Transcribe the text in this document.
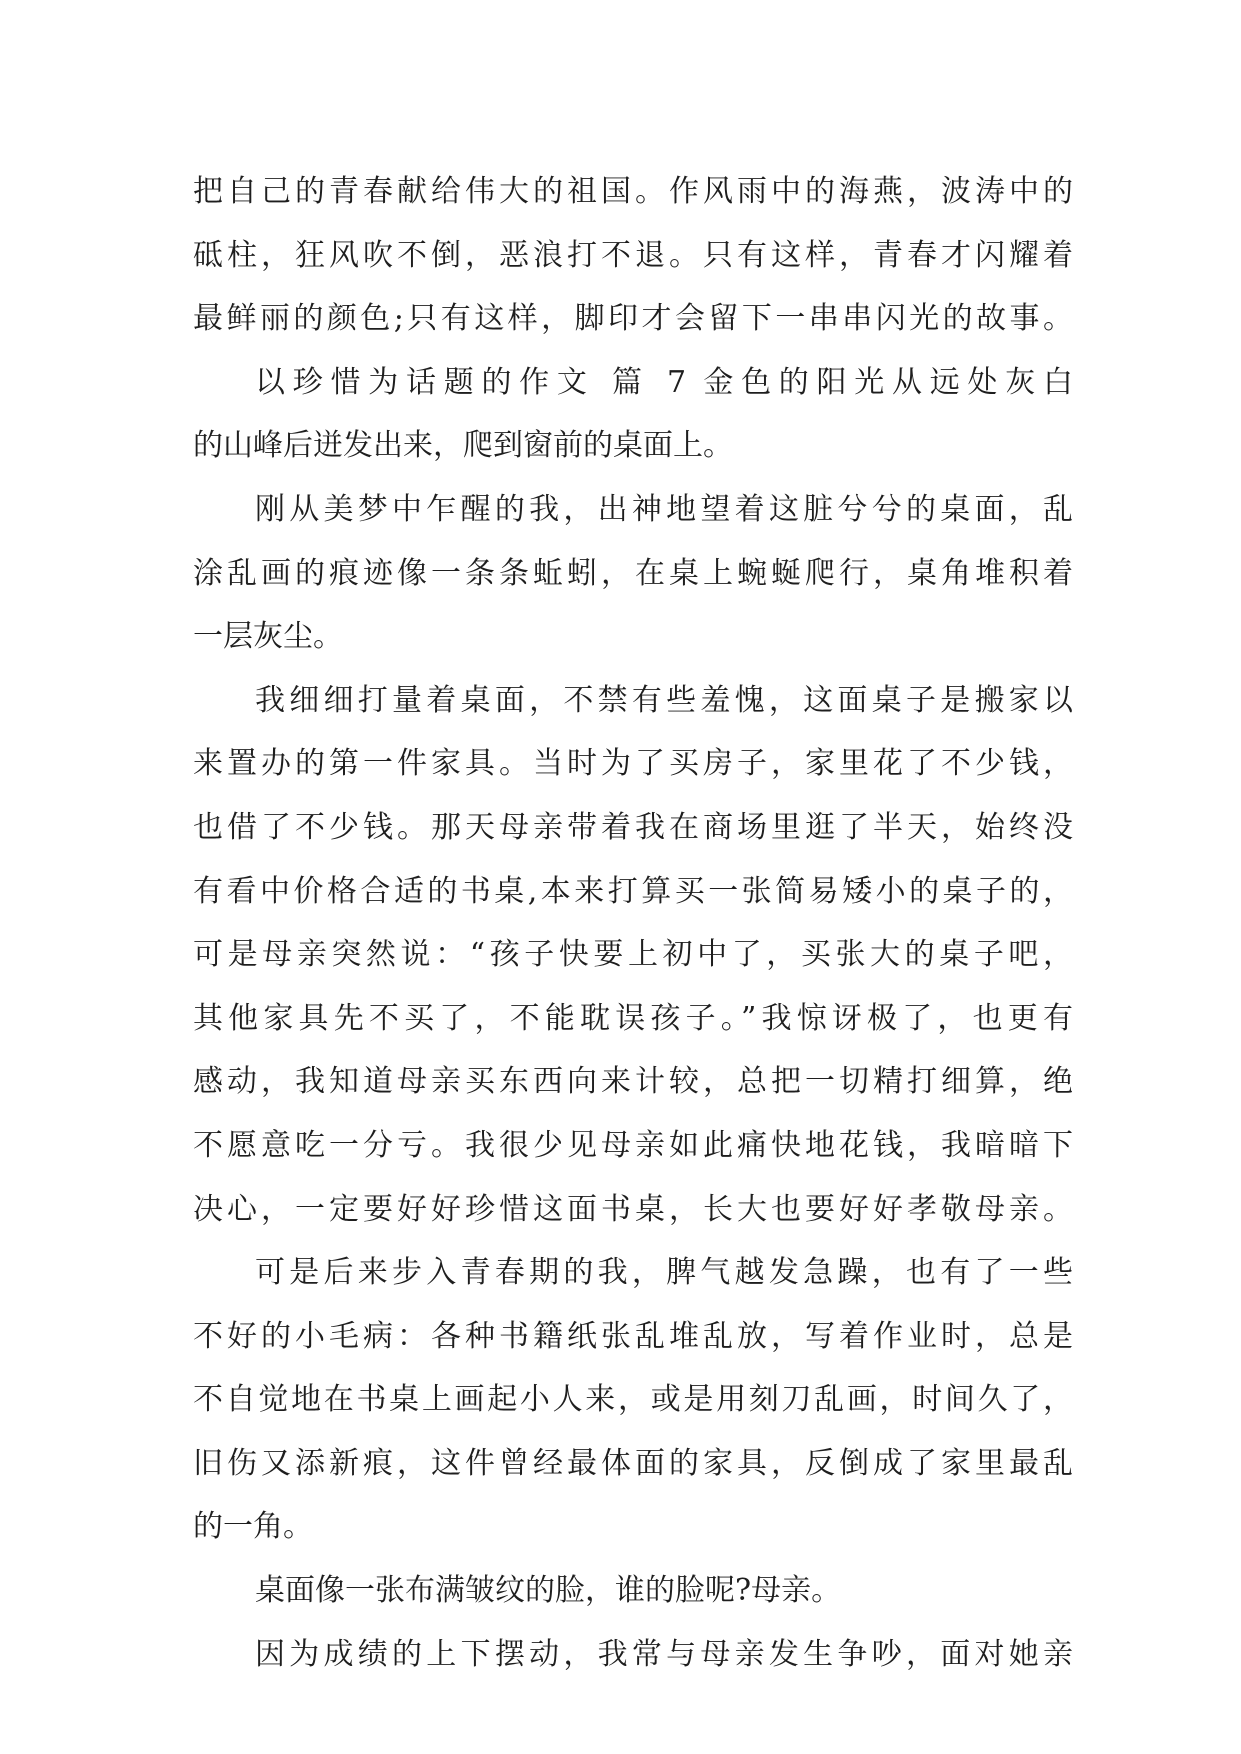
把自己的青春献给伟大的祖国。作风雨中的海燕，波涛中的
砥柱，狂风吹不倒，恶浪打不退。只有这样，青春才闪耀着
最鲜丽的颜色;只有这样，脚印才会留下一串串闪光的故事。
以珍惜为话题的作文 篇 7 金色的阳光从远处灰白
的山峰后迸发出来，爬到窗前的桌面上。
刚从美梦中乍醒的我，出神地望着这脏兮兮的桌面，乱
涂乱画的痕迹像一条条蚯蚓，在桌上蜿蜒爬行，桌角堆积着
一层灰尘。
我细细打量着桌面，不禁有些羞愧，这面桌子是搬家以
来置办的第一件家具。当时为了买房子，家里花了不少钱，
也借了不少钱。那天母亲带着我在商场里逛了半天，始终没
有看中价格合适的书桌,本来打算买一张简易矮小的桌子的，
可是母亲突然说：“孩子快要上初中了，买张大的桌子吧，
其他家具先不买了，不能耽误孩子。”我惊讶极了，也更有
感动，我知道母亲买东西向来计较，总把一切精打细算，绝
不愿意吃一分亏。我很少见母亲如此痛快地花钱，我暗暗下
决心，一定要好好珍惜这面书桌，长大也要好好孝敬母亲。
可是后来步入青春期的我，脾气越发急躁，也有了一些
不好的小毛病：各种书籍纸张乱堆乱放，写着作业时，总是
不自觉地在书桌上画起小人来，或是用刻刀乱画，时间久了，
旧伤又添新痕，这件曾经最体面的家具，反倒成了家里最乱
的一角。
桌面像一张布满皱纹的脸，谁的脸呢?母亲。
因为成绩的上下摆动，我常与母亲发生争吵，面对她亲
